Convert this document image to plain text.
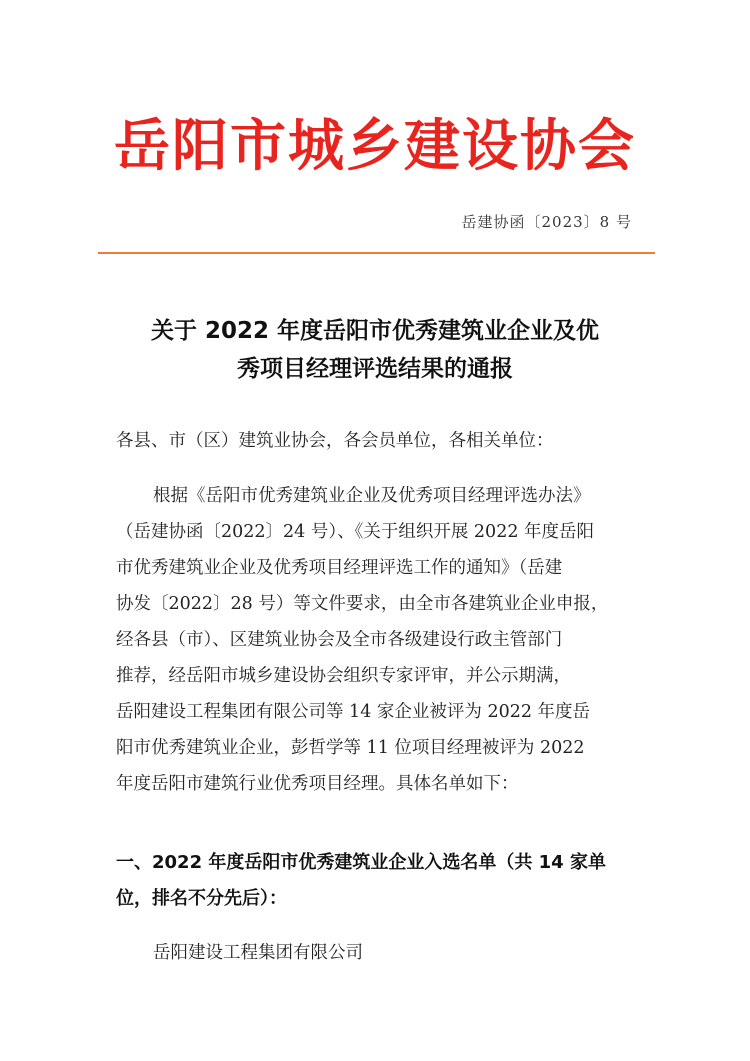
岳阳市城乡建设协会
岳建协函〔2023〕8 号
关于 2022 年度岳阳市优秀建筑业企业及优
秀项目经理评选结果的通报
各县、市（区）建筑业协会，各会员单位，各相关单位：
根据《岳阳市优秀建筑业企业及优秀项目经理评选办法》
（岳建协函〔2022〕24 号）、《关于组织开展 2022 年度岳阳
市优秀建筑业企业及优秀项目经理评选工作的通知》（岳建
协发〔2022〕28 号）等文件要求，由全市各建筑业企业申报，
经各县（市）、区建筑业协会及全市各级建设行政主管部门
推荐，经岳阳市城乡建设协会组织专家评审，并公示期满，
岳阳建设工程集团有限公司等 14 家企业被评为 2022 年度岳
阳市优秀建筑业企业，彭哲学等 11 位项目经理被评为 2022
年度岳阳市建筑行业优秀项目经理。具体名单如下：
一、2022 年度岳阳市优秀建筑业企业入选名单（共 14 家单
位，排名不分先后）：
岳阳建设工程集团有限公司
